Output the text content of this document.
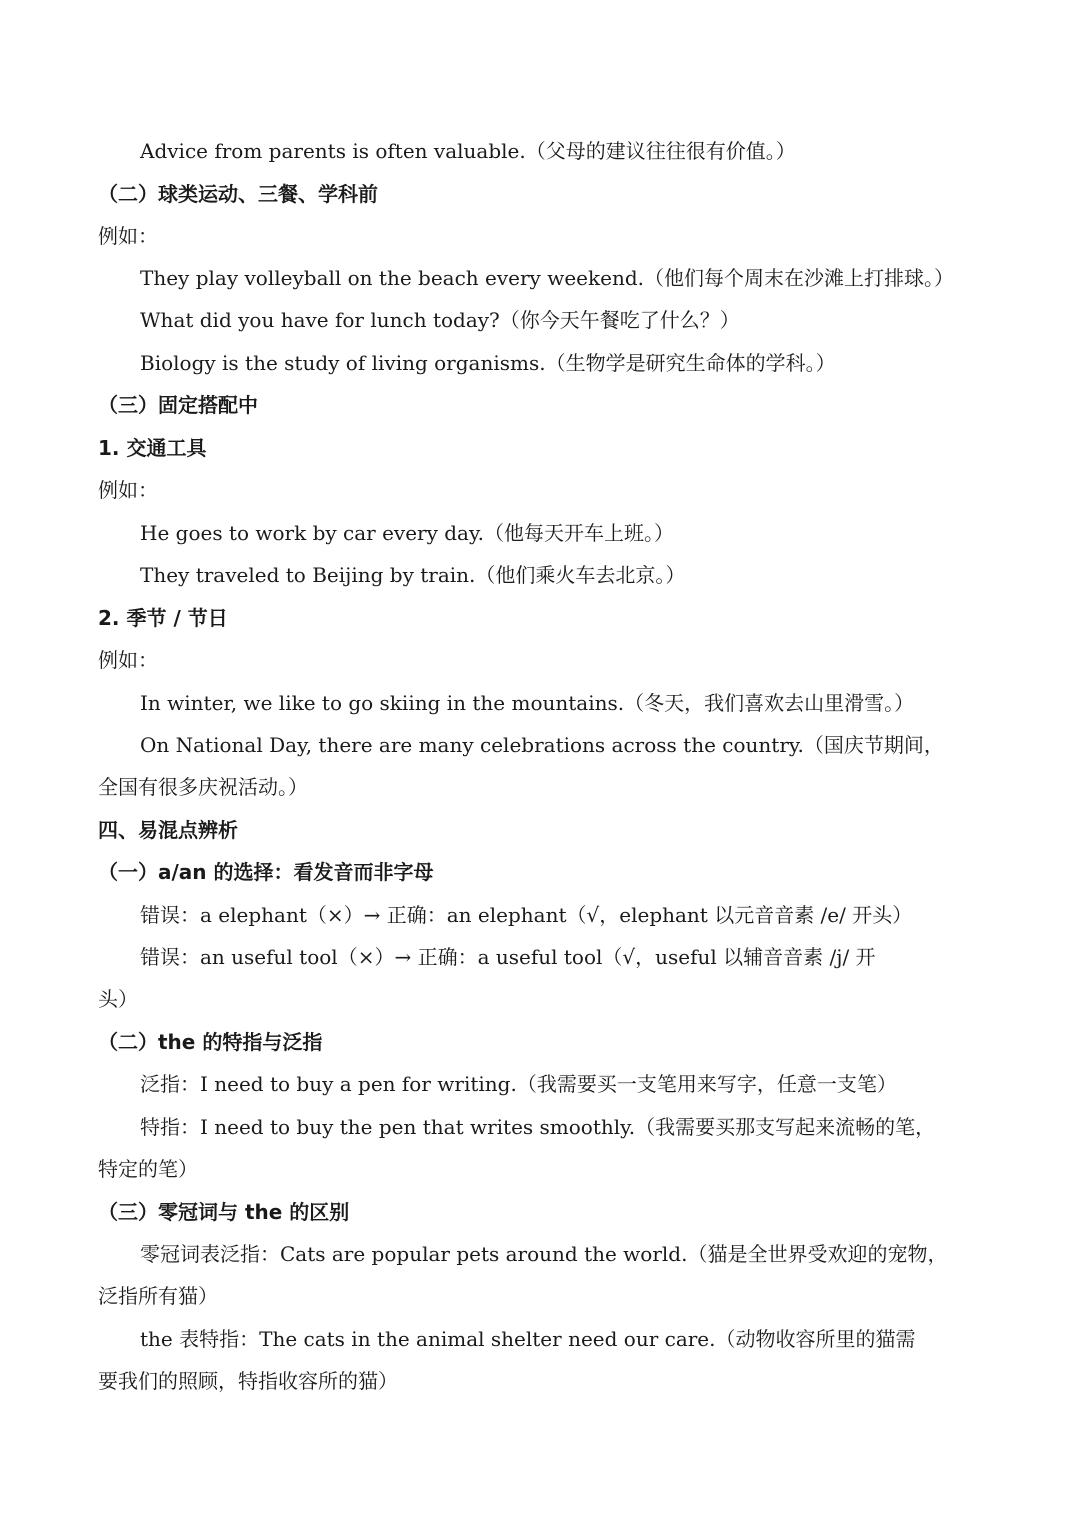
Advice from parents is often valuable.（父母的建议往往很有价值。）
（二）球类运动、三餐、学科前
例如：
They play volleyball on the beach every weekend.（他们每个周末在沙滩上打排球。）
What did you have for lunch today?（你今天午餐吃了什么？）
Biology is the study of living organisms.（生物学是研究生命体的学科。）
（三）固定搭配中
1. 交通工具
例如：
He goes to work by car every day.（他每天开车上班。）
They traveled to Beijing by train.（他们乘火车去北京。）
2. 季节 / 节日
例如：
In winter, we like to go skiing in the mountains.（冬天，我们喜欢去山里滑雪。）
On National Day, there are many celebrations across the country.（国庆节期间，
全国有很多庆祝活动。）
四、易混点辨析
（一）a/an 的选择：看发音而非字母
错误：a elephant（×）→ 正确：an elephant（√，elephant 以元音音素 /e/ 开头）
错误：an useful tool（×）→ 正确：a useful tool（√，useful 以辅音音素 /j/ 开
头）
（二）the 的特指与泛指
泛指：I need to buy a pen for writing.（我需要买一支笔用来写字，任意一支笔）
特指：I need to buy the pen that writes smoothly.（我需要买那支写起来流畅的笔，
特定的笔）
（三）零冠词与 the 的区别
零冠词表泛指：Cats are popular pets around the world.（猫是全世界受欢迎的宠物，
泛指所有猫）
the 表特指：The cats in the animal shelter need our care.（动物收容所里的猫需
要我们的照顾，特指收容所的猫）
